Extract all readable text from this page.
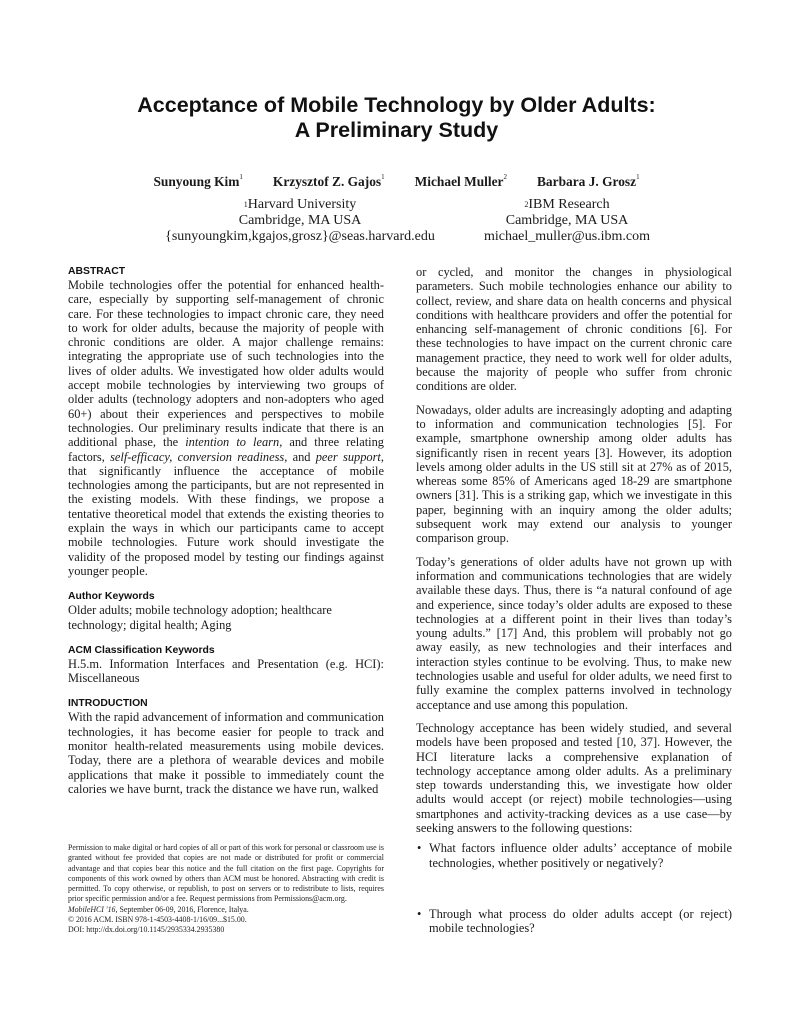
Acceptance of Mobile Technology by Older Adults:
A Preliminary Study
Sunyoung Kim$^1$ Krzysztof Z. Gajos$^1$ Michael Muller$^2$ Barbara J. Grosz$^1$
$^1$Harvard University
Cambridge, MA USA
{sunyoungkim,kgajos,grosz}@seas.harvard.edu
$^2$IBM Research
Cambridge, MA USA
michael_muller@us.ibm.com
ABSTRACT

Mobile technologies offer the potential for enhanced health-care, especially by supporting self-management of chronic care. For these technologies to impact chronic care, they need to work for older adults, because the majority of people with chronic conditions are older. A major challenge remains: integrating the appropriate use of such technologies into the lives of older adults. We investigated how older adults would accept mobile technologies by interviewing two groups of older adults (technology adopters and non-adopters who aged 60+) about their experiences and perspectives to mobile technologies. Our preliminary results indicate that there is an additional phase, the intention to learn, and three relating factors, self-efficacy, conversion readiness, and peer support, that significantly influence the acceptance of mobile technologies among the participants, but are not represented in the existing models. With these findings, we propose a tentative theoretical model that extends the existing theories to explain the ways in which our participants came to accept mobile technologies. Future work should investigate the validity of the proposed model by testing our findings against younger people.

Author Keywords

Older adults; mobile technology adoption; healthcare technology; digital health; Aging

ACM Classification Keywords

H.5.m. Information Interfaces and Presentation (e.g. HCI): Miscellaneous

INTRODUCTION

With the rapid advancement of information and communication technologies, it has become easier for people to track and monitor health-related measurements using mobile devices. Today, there are a plethora of wearable devices and mobile applications that make it possible to immediately count the calories we have burnt, track the distance we have run, walked

Permission to make digital or hard copies of all or part of this work for personal or classroom use is granted without fee provided that copies are not made or distributed for profit or commercial advantage and that copies bear this notice and the full citation on the first page. Copyrights for components of this work owned by others than ACM must be honored. Abstracting with credit is permitted. To copy otherwise, or republish, to post on servers or to redistribute to lists, requires prior specific permission and/or a fee. Request permissions from Permissions@acm.org.

MobileHCI '16, September 06-09, 2016, Florence, Italya.

© 2016 ACM. ISBN 978-1-4503-4408-1/16/09...$15.00.

DOI: http://dx.doi.org/10.1145/2935334.2935380

or cycled, and monitor the changes in physiological parameters. Such mobile technologies enhance our ability to collect, review, and share data on health concerns and physical conditions with healthcare providers and offer the potential for enhancing self-management of chronic conditions [6]. For these technologies to have impact on the current chronic care management practice, they need to work well for older adults, because the majority of people who suffer from chronic conditions are older.

Nowadays, older adults are increasingly adopting and adapting to information and communication technologies [5]. For example, smartphone ownership among older adults has significantly risen in recent years [3]. However, its adoption levels among older adults in the US still sit at 27% as of 2015, whereas some 85% of Americans aged 18-29 are smartphone owners [31]. This is a striking gap, which we investigate in this paper, beginning with an inquiry among the older adults; subsequent work may extend our analysis to younger comparison group.

Today’s generations of older adults have not grown up with information and communications technologies that are widely available these days. Thus, there is “a natural confound of age and experience, since today’s older adults are exposed to these technologies at a different point in their lives than today’s young adults.” [17] And, this problem will probably not go away easily, as new technologies and their interfaces and interaction styles continue to be evolving. Thus, to make new technologies usable and useful for older adults, we need first to fully examine the complex patterns involved in technology acceptance and use among this population.

Technology acceptance has been widely studied, and several models have been proposed and tested [10, 37]. However, the HCI literature lacks a comprehensive explanation of technology acceptance among older adults. As a preliminary step towards understanding this, we investigate how older adults would accept (or reject) mobile technologies—using smartphones and activity-tracking devices as a use case—by seeking answers to the following questions:

• What factors influence older adults’ acceptance of mobile technologies, whether positively or negatively?
• Through what process do older adults accept (or reject) mobile technologies?
